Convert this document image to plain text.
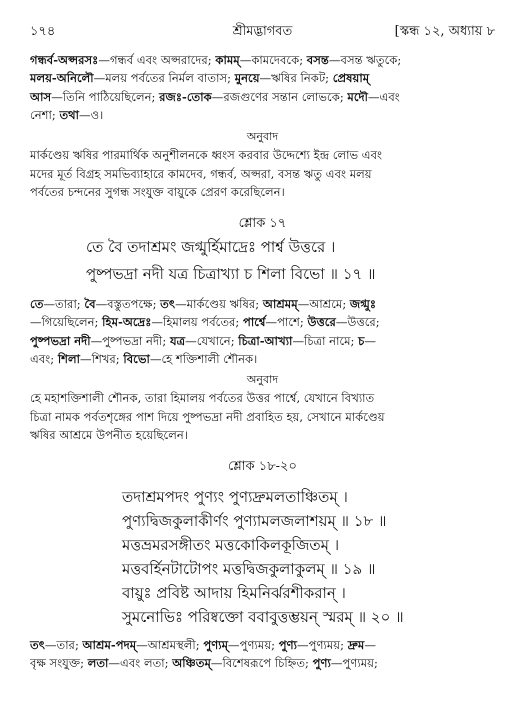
১৭৪	শ্রীমদ্ভাগবত	[স্কন্ধ ১২, অধ্যায় ৮
গন্ধর্ব-অপ্সরসঃ—গন্ধর্ব এবং অপ্সরাদের; কামম্—কামদেবকে; বসন্ত—বসন্ত ঋতুকে;
মলয়-অনিলৌ—মলয় পর্বতের নির্মল বাতাস; মুনয়ে—ঋষির নিকট; প্রেষয়াম্
আস—তিনি পাঠিয়েছিলেন; রজঃ-তোক—রজগুণের সন্তান লোভকে; মদৌ—এবং
নেশা; তথা—ও।
অনুবাদ
মার্কণ্ডেয় ঋষির পারমার্থিক অনুশীলনকে ধ্বংস করবার উদ্দেশ্যে ইন্দ্র লোভ এবং
মদের মূর্ত বিগ্রহ সমভিব্যাহারে কামদেব, গন্ধর্ব, অপ্সরা, বসন্ত ঋতু এবং মলয়
পর্বতের চন্দনের সুগন্ধ সংযুক্ত বায়ুকে প্রেরণ করেছিলেন।
শ্লোক ১৭
তে বৈ তদাশ্রমং জগ্মুর্হিমাদ্রেঃ পার্শ্ব উত্তরে ।
পুষ্পভদ্রা নদী যত্র চিত্রাখ্যা চ শিলা বিভো ॥ ১৭ ॥
তে—তারা; বৈ—বস্তুতপক্ষে; তৎ—মার্কণ্ডেয় ঋষির; আশ্রমম্—আশ্রমে; জগ্মুঃ
—গিয়েছিলেন; হিম-অদ্রেঃ—হিমালয় পর্বতের; পার্শ্বে—পাশে; উত্তরে—উত্তরে;
পুষ্পভদ্রা নদী—পুষ্পভদ্রা নদী; যত্র—যেখানে; চিত্রা-আখ্যা—চিত্রা নামে; চ—
এবং; শিলা—শিখর; বিভো—হে শক্তিশালী শৌনক।
অনুবাদ
হে মহাশক্তিশালী শৌনক, তারা হিমালয় পর্বতের উত্তর পার্শ্বে, যেখানে বিখ্যাত
চিত্রা নামক পর্বতশৃঙ্গের পাশ দিয়ে পুষ্পভদ্রা নদী প্রবাহিত হয়, সেখানে মার্কণ্ডেয়
ঋষির আশ্রমে উপনীত হয়েছিলেন।
শ্লোক ১৮-২০
তদাশ্রমপদং পুণ্যং পুণ্যদ্রুমলতাঞ্চিতম্ ।
পুণ্যদ্বিজকুলাকীর্ণং পুণ্যামলজলাশয়ম্ ॥ ১৮ ॥
মত্তভ্রমরসঙ্গীতং মত্তকোকিলকূজিতম্ ।
মত্তবর্হিনটাটোপং মত্তদ্বিজকুলাকুলম্ ॥ ১৯ ॥
বায়ুঃ প্রবিষ্ট আদায় হিমনির্ঝরশীকরান্ ।
সুমনোভিঃ পরিষ্বক্তো ববাবুত্তম্ভয়ন্ স্মরম্ ॥ ২০ ॥
তৎ—তার; আশ্রম-পদম্—আশ্রমস্থলী; পুণ্যম্—পুণ্যময়; পুণ্য—পুণ্যময়; দ্রুম—
বৃক্ষ সংযুক্ত; লতা—এবং লতা; অঞ্চিতম্—বিশেষরূপে চিহ্নিত; পুণ্য—পুণ্যময়;
